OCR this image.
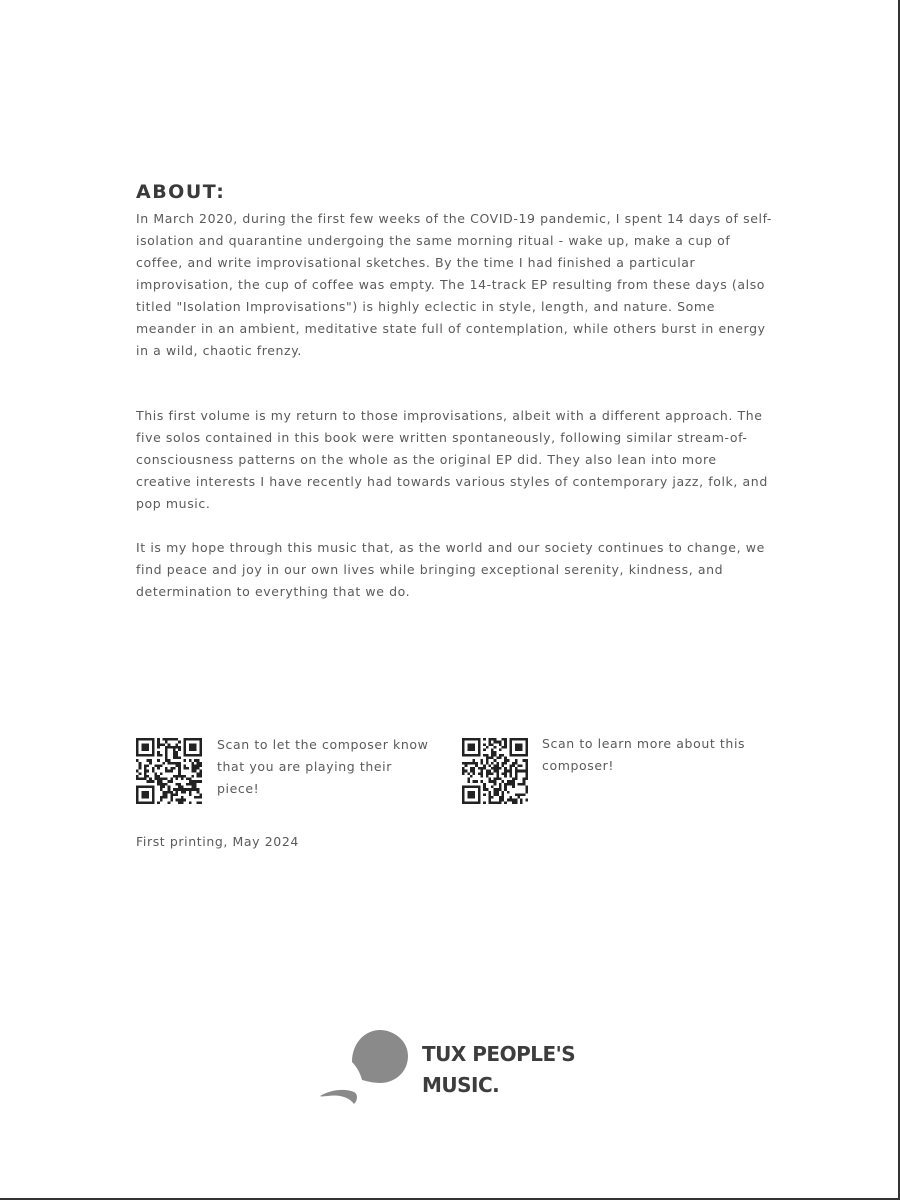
ABOUT:

In March 2020, during the first few weeks of the COVID-19 pandemic, I spent 14 days of self-isolation and quarantine undergoing the same morning ritual - wake up, make a cup of coffee, and write improvisational sketches. By the time I had finished a particular improvisation, the cup of coffee was empty. The 14-track EP resulting from these days (also titled "Isolation Improvisations") is highly eclectic in style, length, and nature. Some meander in an ambient, meditative state full of contemplation, while others burst in energy in a wild, chaotic frenzy.

This first volume is my return to those improvisations, albeit with a different approach. The five solos contained in this book were written spontaneously, following similar stream-of-consciousness patterns on the whole as the original EP did. They also lean into more creative interests I have recently had towards various styles of contemporary jazz, folk, and pop music.

It is my hope through this music that, as the world and our society continues to change, we find peace and joy in our own lives while bringing exceptional serenity, kindness, and determination to everything that we do.

Scan to let the composer know that you are playing their piece!

Scan to learn more about this composer!

First printing, May 2024

TUX PEOPLE'S

MUSIC.
